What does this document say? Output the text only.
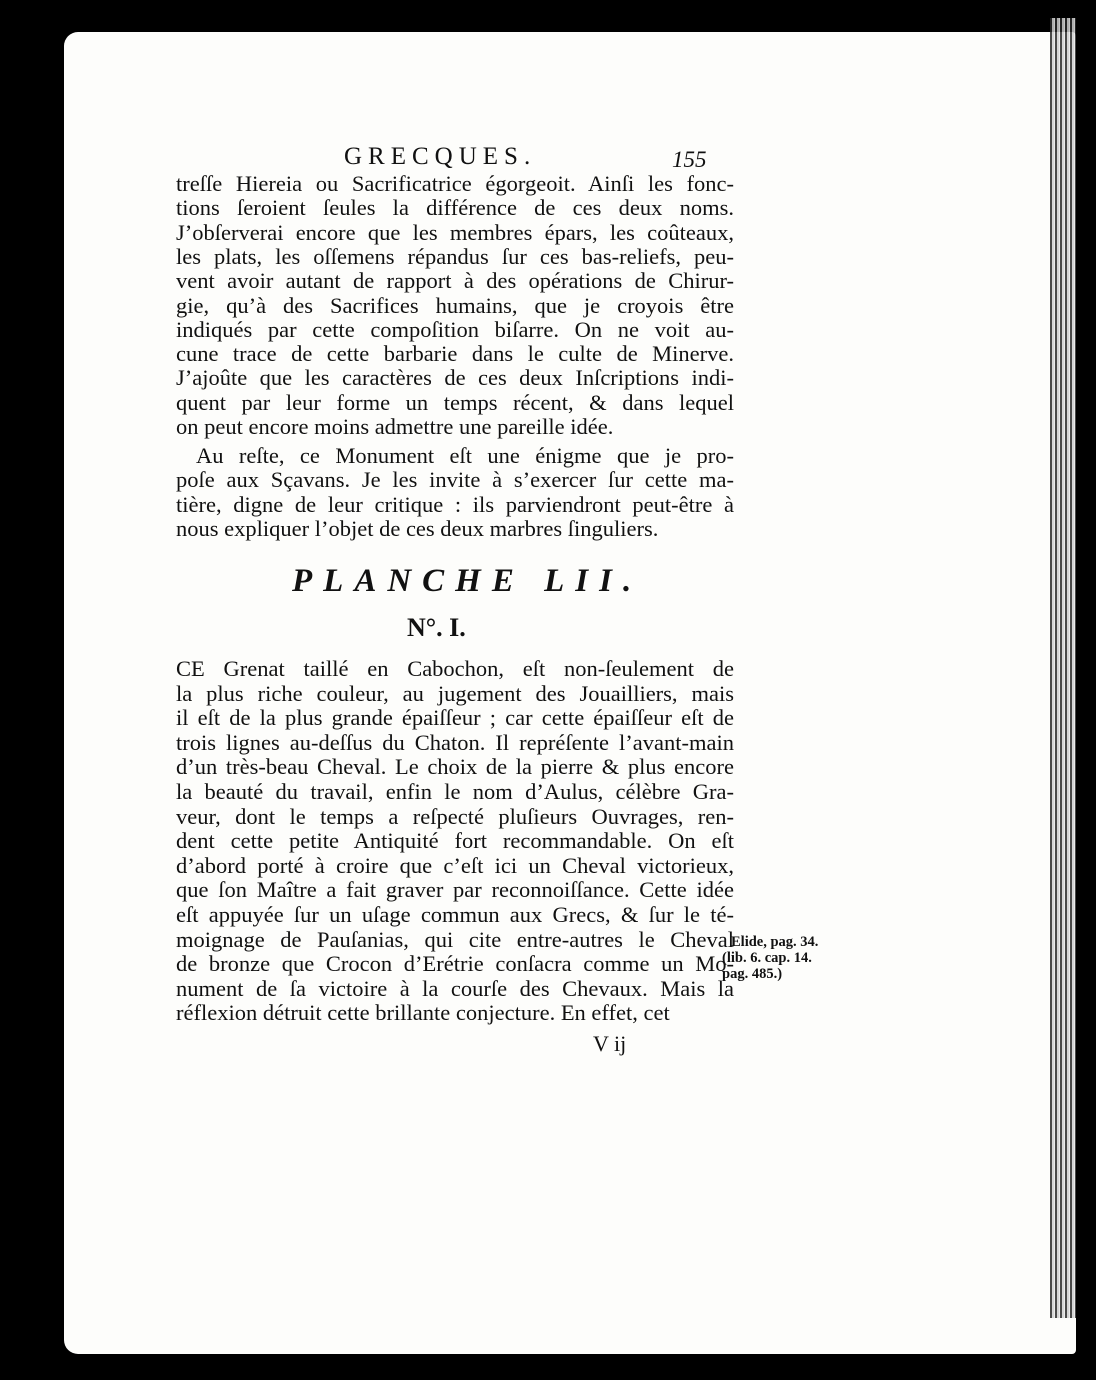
GRECQUES.	155
treſſe Hiereia ou Sacrificatrice égorgeoit. Ainſi les fonc-
tions ſeroient ſeules la différence de ces deux noms.
J’obſerverai encore que les membres épars, les coûteaux,
les plats, les oſſemens répandus ſur ces bas-reliefs, peu-
vent avoir autant de rapport à des opérations de Chirur-
gie, qu’à des Sacrifices humains, que je croyois être
indiqués par cette compoſition biſarre. On ne voit au-
cune trace de cette barbarie dans le culte de Minerve.
J’ajoûte que les caractères de ces deux Inſcriptions indi-
quent par leur forme un temps récent, & dans lequel
on peut encore moins admettre une pareille idée.
Au reſte, ce Monument eſt une énigme que je pro-
poſe aux Sçavans. Je les invite à s’exercer ſur cette ma-
tière, digne de leur critique : ils parviendront peut-être à
nous expliquer l’objet de ces deux marbres ſinguliers.
PLANCHE LII.
N°. I.
CE Grenat taillé en Cabochon, eſt non-ſeulement de
la plus riche couleur, au jugement des Jouailliers, mais
il eſt de la plus grande épaiſſeur ; car cette épaiſſeur eſt de
trois lignes au-deſſus du Chaton. Il repréſente l’avant-main
d’un très-beau Cheval. Le choix de la pierre & plus encore
la beauté du travail, enfin le nom d’Aulus, célèbre Gra-
veur, dont le temps a reſpecté pluſieurs Ouvrages, ren-
dent cette petite Antiquité fort recommandable. On eſt
d’abord porté à croire que c’eſt ici un Cheval victorieux,
que ſon Maître a fait graver par reconnoiſſance. Cette idée
eſt appuyée ſur un uſage commun aux Grecs, & ſur le té-
moignage de Pauſanias, qui cite entre-autres le Cheval
de bronze que Crocon d’Erétrie conſacra comme un Mo-
nument de ſa victoire à la courſe des Chevaux. Mais la
réflexion détruit cette brillante conjecture. En effet, cet
Elide, pag. 34.
(lib. 6. cap. 14.
pag. 485.)
V ij
